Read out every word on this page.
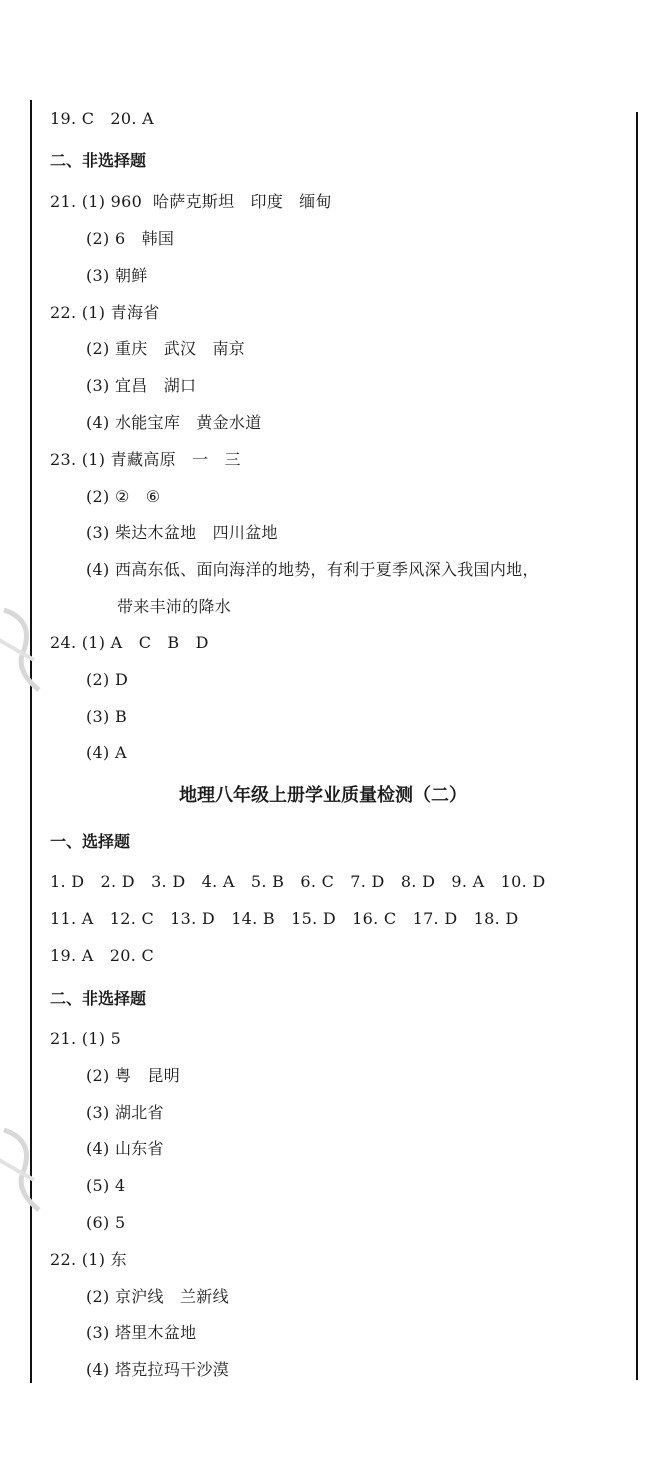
19. C   20. A
二、非选择题
21. (1) 960  哈萨克斯坦   印度   缅甸
(2) 6   韩国
(3) 朝鲜
22. (1) 青海省
(2) 重庆   武汉   南京
(3) 宜昌   湖口
(4) 水能宝库   黄金水道
23. (1) 青藏高原   一   三
(2) ②   ⑥
(3) 柴达木盆地   四川盆地
(4) 西高东低、面向海洋的地势，有利于夏季风深入我国内地，
带来丰沛的降水
24. (1) A   C   B   D
(2) D
(3) B
(4) A
地理八年级上册学业质量检测（二）
一、选择题
1. D   2. D   3. D   4. A   5. B   6. C   7. D   8. D   9. A   10. D
11. A   12. C   13. D   14. B   15. D   16. C   17. D   18. D
19. A   20. C
二、非选择题
21. (1) 5
(2) 粤   昆明
(3) 湖北省
(4) 山东省
(5) 4
(6) 5
22. (1) 东
(2) 京沪线   兰新线
(3) 塔里木盆地
(4) 塔克拉玛干沙漠
